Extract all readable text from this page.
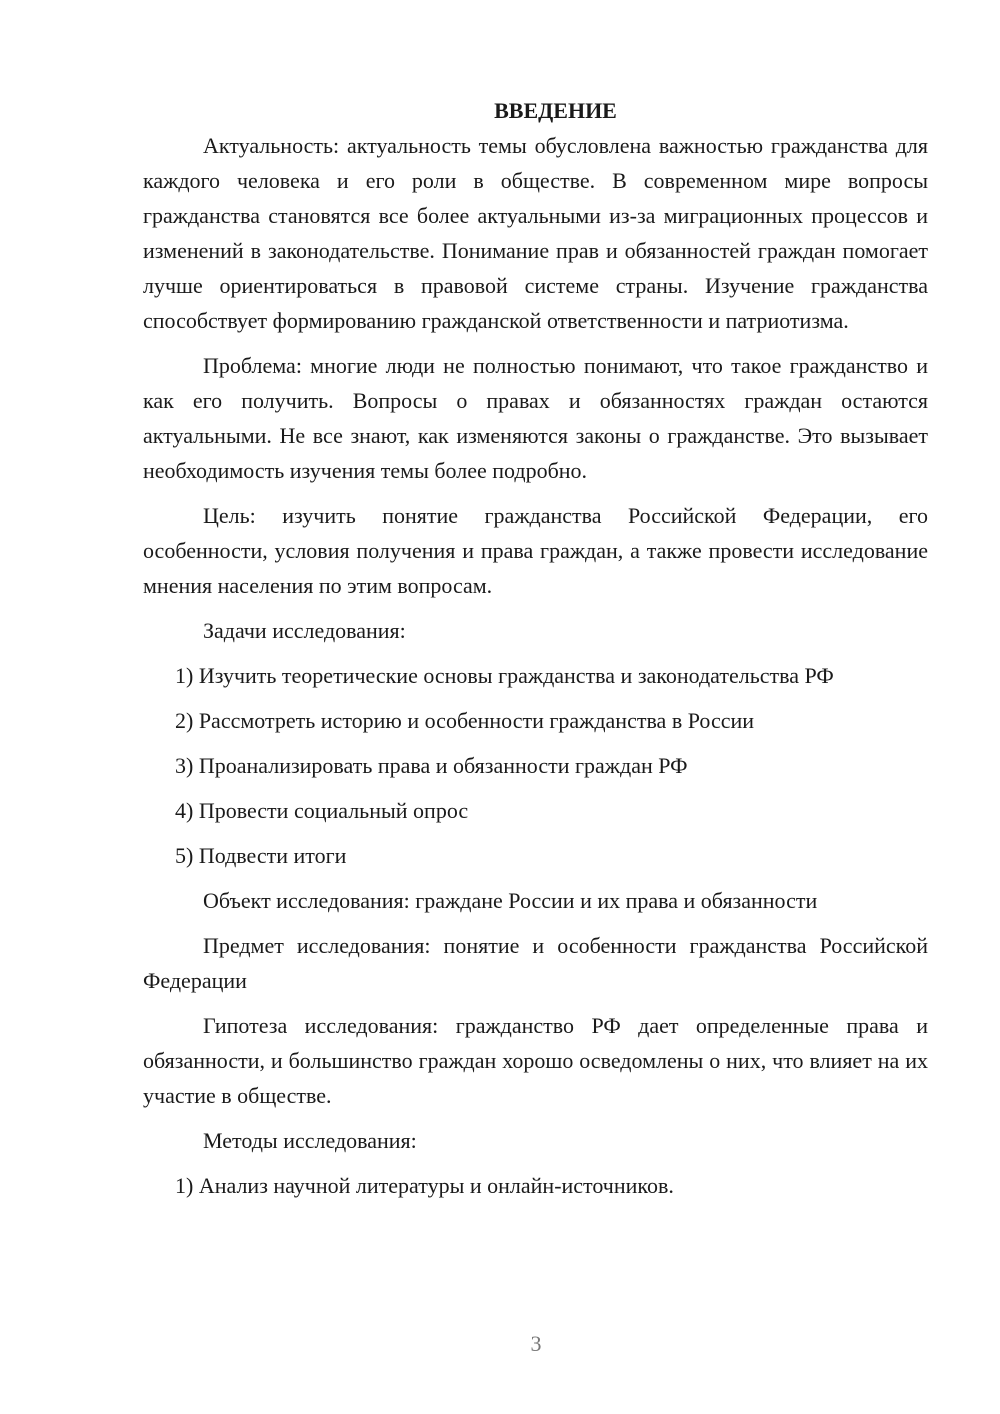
ВВЕДЕНИЕ

Актуальность: актуальность темы обусловлена важностью гражданства для каждого человека и его роли в обществе. В современном мире вопросы гражданства становятся все более актуальными из-за миграционных процессов и изменений в законодательстве. Понимание прав и обязанностей граждан помогает лучше ориентироваться в правовой системе страны. Изучение гражданства способствует формированию гражданской ответственности и патриотизма.

Проблема: многие люди не полностью понимают, что такое гражданство и как его получить. Вопросы о правах и обязанностях граждан остаются актуальными. Не все знают, как изменяются законы о гражданстве. Это вызывает необходимость изучения темы более подробно.

Цель: изучить понятие гражданства Российской Федерации, его особенности, условия получения и права граждан, а также провести исследование мнения населения по этим вопросам.

Задачи исследования:
1) Изучить теоретические основы гражданства и законодательства РФ
2) Рассмотреть историю и особенности гражданства в России
3) Проанализировать права и обязанности граждан РФ
4) Провести социальный опрос
5) Подвести итоги

Объект исследования: граждане России и их права и обязанности

Предмет исследования: понятие и особенности гражданства Российской Федерации

Гипотеза исследования: гражданство РФ дает определенные права и обязанности, и большинство граждан хорошо осведомлены о них, что влияет на их участие в обществе.

Методы исследования:
1) Анализ научной литературы и онлайн-источников.
3
